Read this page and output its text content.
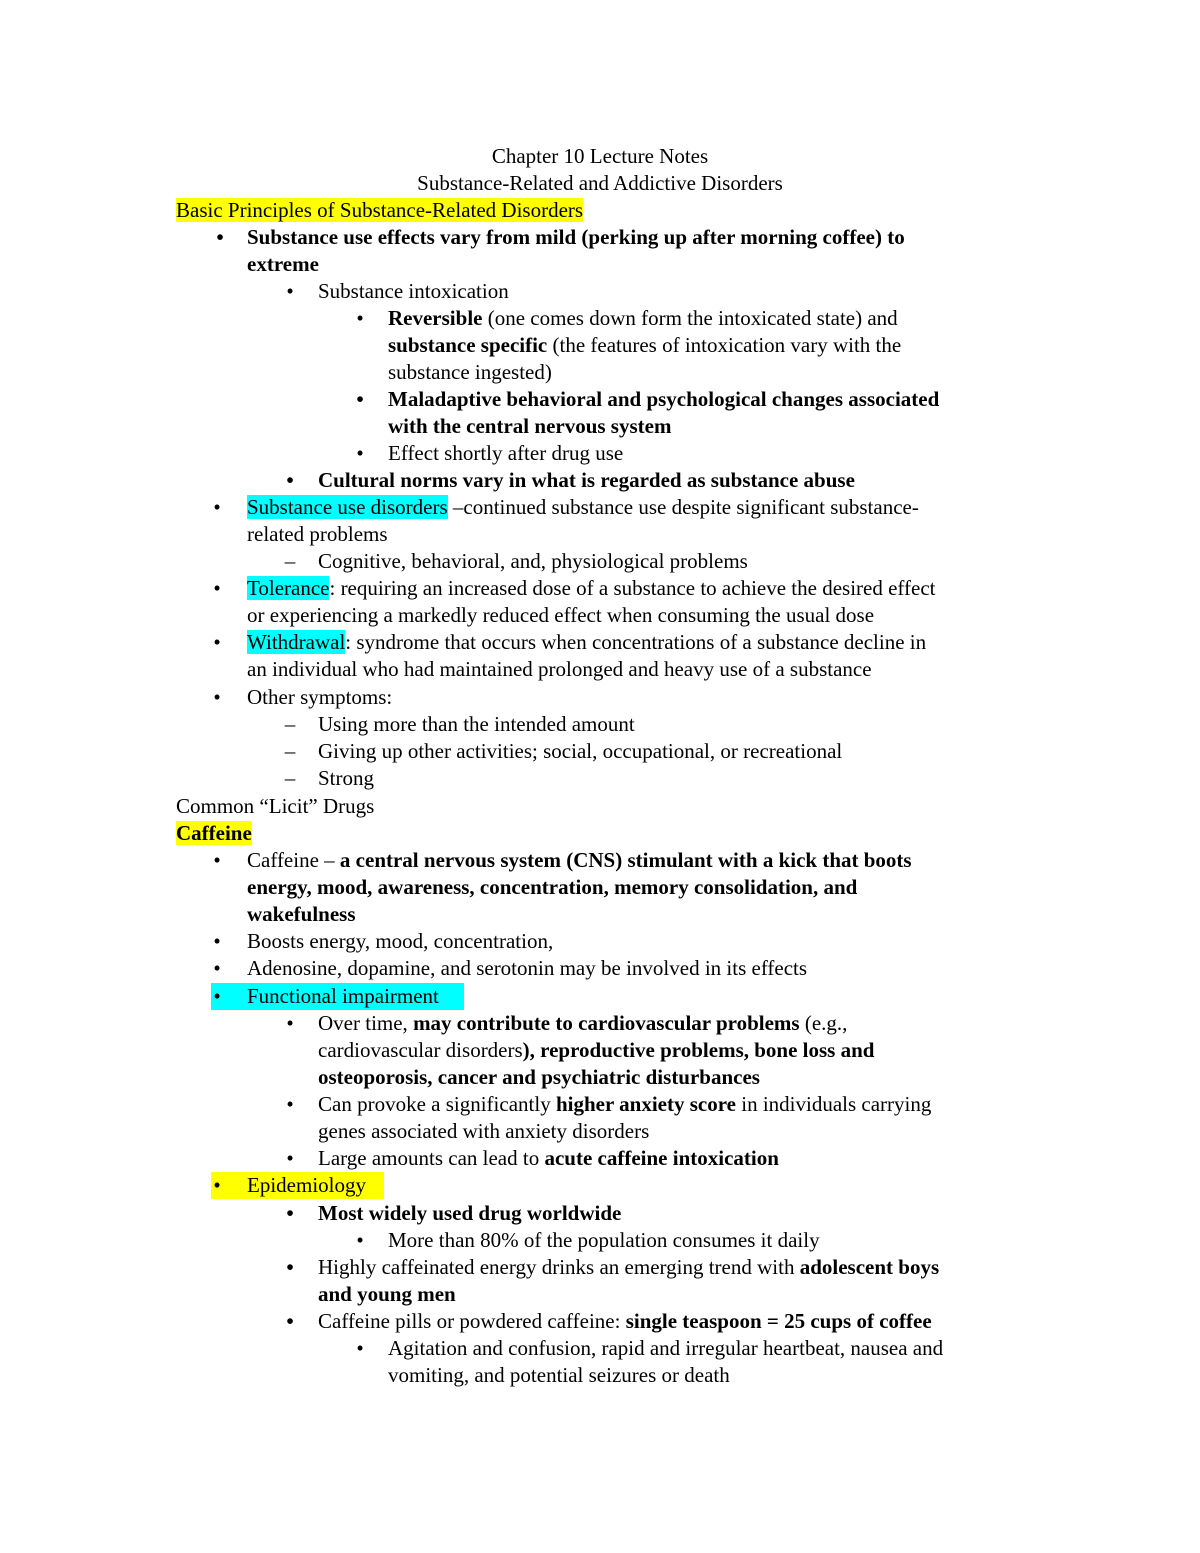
Chapter 10 Lecture Notes
Substance-Related and Addictive Disorders
Basic Principles of Substance-Related Disorders
•	Substance use effects vary from mild (perking up after morning coffee) to
extreme
•	Substance intoxication
•	Reversible (one comes down form the intoxicated state) and
substance specific (the features of intoxication vary with the
substance ingested)
•	Maladaptive behavioral and psychological changes associated
with the central nervous system
•	Effect shortly after drug use
•	Cultural norms vary in what is regarded as substance abuse
•	Substance use disorders –continued substance use despite significant substance-
related problems
– Cognitive, behavioral, and, physiological problems
•	Tolerance: requiring an increased dose of a substance to achieve the desired effect
or experiencing a markedly reduced effect when consuming the usual dose
•	Withdrawal: syndrome that occurs when concentrations of a substance decline in
an individual who had maintained prolonged and heavy use of a substance
•	Other symptoms:
– Using more than the intended amount
– Giving up other activities; social, occupational, or recreational
– Strong
Common “Licit” Drugs
Caffeine
•	Caffeine – a central nervous system (CNS) stimulant with a kick that boots
energy, mood, awareness, concentration, memory consolidation, and
wakefulness
•	Boosts energy, mood, concentration,
•	Adenosine, dopamine, and serotonin may be involved in its effects
•	Functional impairment
•	Over time, may contribute to cardiovascular problems (e.g.,
cardiovascular disorders), reproductive problems, bone loss and
osteoporosis, cancer and psychiatric disturbances
•	Can provoke a significantly higher anxiety score in individuals carrying
genes associated with anxiety disorders
•	Large amounts can lead to acute caffeine intoxication
•	Epidemiology
•	Most widely used drug worldwide
•	More than 80% of the population consumes it daily
•	Highly caffeinated energy drinks an emerging trend with adolescent boys
and young men
•	Caffeine pills or powdered caffeine: single teaspoon = 25 cups of coffee
•	Agitation and confusion, rapid and irregular heartbeat, nausea and
vomiting, and potential seizures or death
